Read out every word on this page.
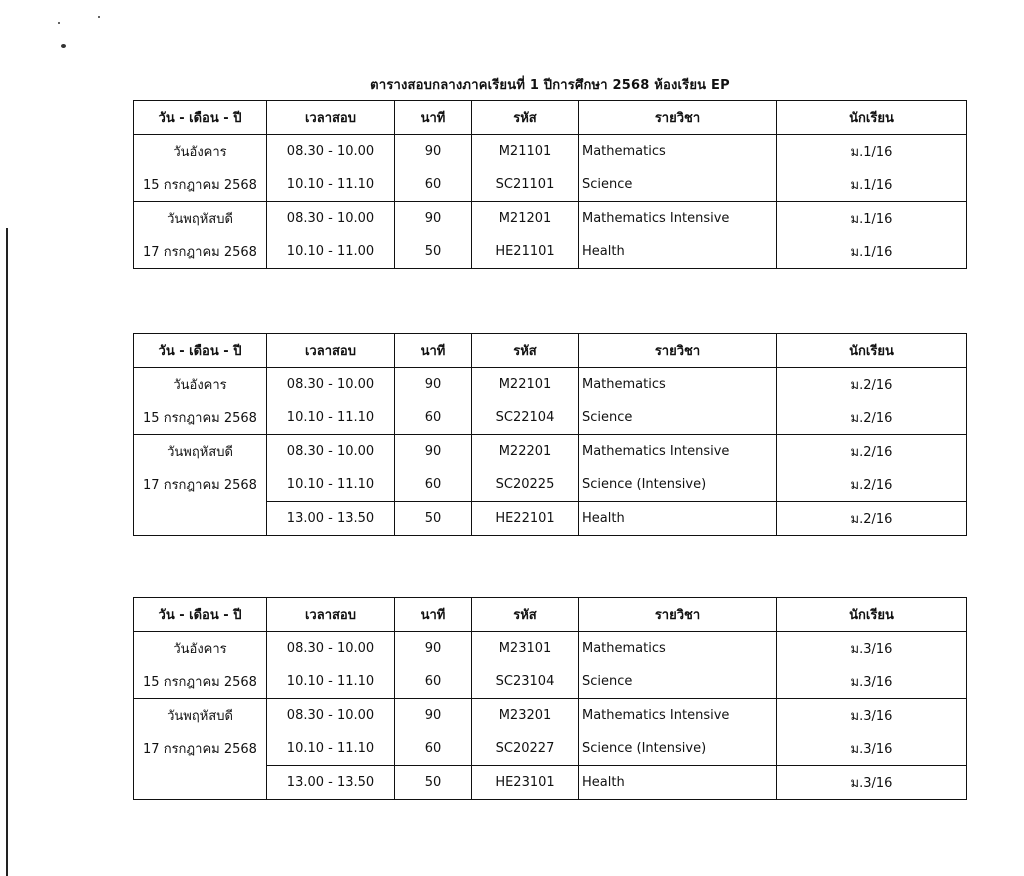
ตารางสอบกลางภาคเรียนที่ 1 ปีการศึกษา 2568 ห้องเรียน EP
วัน - เดือน - ปี	เวลาสอบ	นาที	รหัส	รายวิชา	นักเรียน
วันอังคาร	08.30 - 10.00	90	M21101	Mathematics	ม.1/16
15 กรกฎาคม 2568	10.10 - 11.10	60	SC21101	Science	ม.1/16
วันพฤหัสบดี	08.30 - 10.00	90	M21201	Mathematics Intensive	ม.1/16
17 กรกฎาคม 2568	10.10 - 11.00	50	HE21101	Health	ม.1/16
วัน - เดือน - ปี	เวลาสอบ	นาที	รหัส	รายวิชา	นักเรียน
วันอังคาร	08.30 - 10.00	90	M22101	Mathematics	ม.2/16
15 กรกฎาคม 2568	10.10 - 11.10	60	SC22104	Science	ม.2/16
วันพฤหัสบดี	08.30 - 10.00	90	M22201	Mathematics Intensive	ม.2/16
17 กรกฎาคม 2568	10.10 - 11.10	60	SC20225	Science (Intensive)	ม.2/16
	13.00 - 13.50	50	HE22101	Health	ม.2/16
วัน - เดือน - ปี	เวลาสอบ	นาที	รหัส	รายวิชา	นักเรียน
วันอังคาร	08.30 - 10.00	90	M23101	Mathematics	ม.3/16
15 กรกฎาคม 2568	10.10 - 11.10	60	SC23104	Science	ม.3/16
วันพฤหัสบดี	08.30 - 10.00	90	M23201	Mathematics Intensive	ม.3/16
17 กรกฎาคม 2568	10.10 - 11.10	60	SC20227	Science (Intensive)	ม.3/16
	13.00 - 13.50	50	HE23101	Health	ม.3/16
